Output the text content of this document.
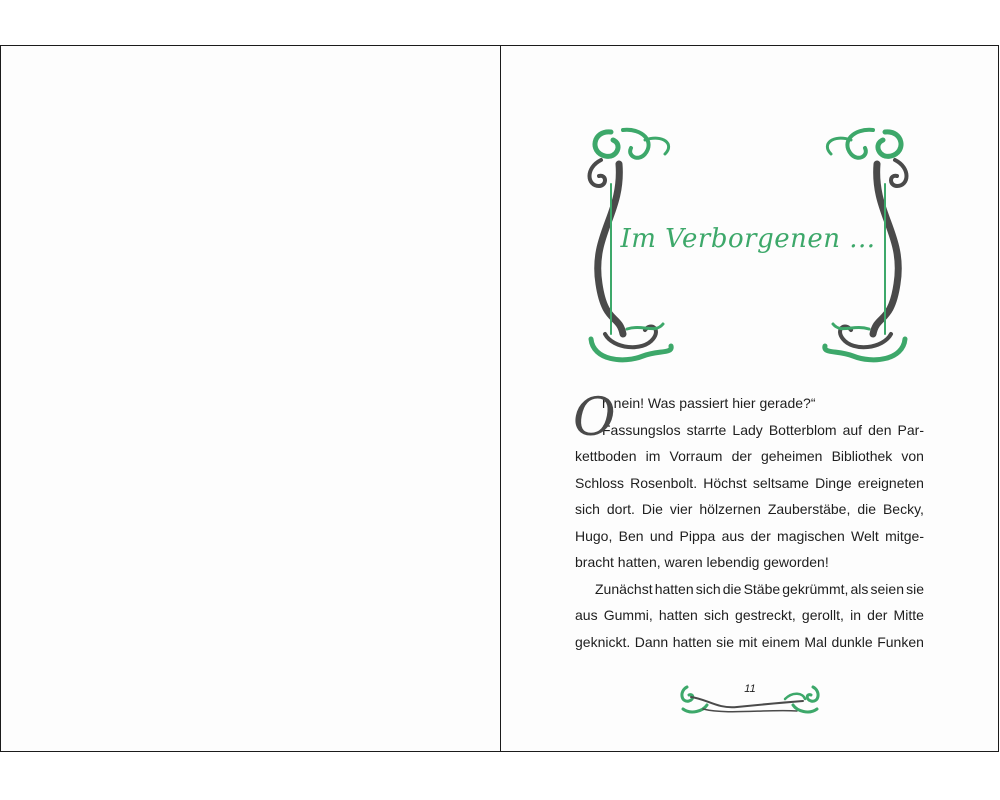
Im Verborgenen ...
O
h nein! Was passiert hier gerade?“
Fassungslos starrte Lady Botterblom auf den Par-
kettboden im Vorraum der geheimen Bibliothek von
Schloss Rosenbolt. Höchst seltsame Dinge ereigneten
sich dort. Die vier hölzernen Zauberstäbe, die Becky,
Hugo, Ben und Pippa aus der magischen Welt mitge-
bracht hatten, waren lebendig geworden!
Zunächst hatten sich die Stäbe gekrümmt, als seien sie
aus Gummi, hatten sich gestreckt, gerollt, in der Mitte
geknickt. Dann hatten sie mit einem Mal dunkle Funken
11
